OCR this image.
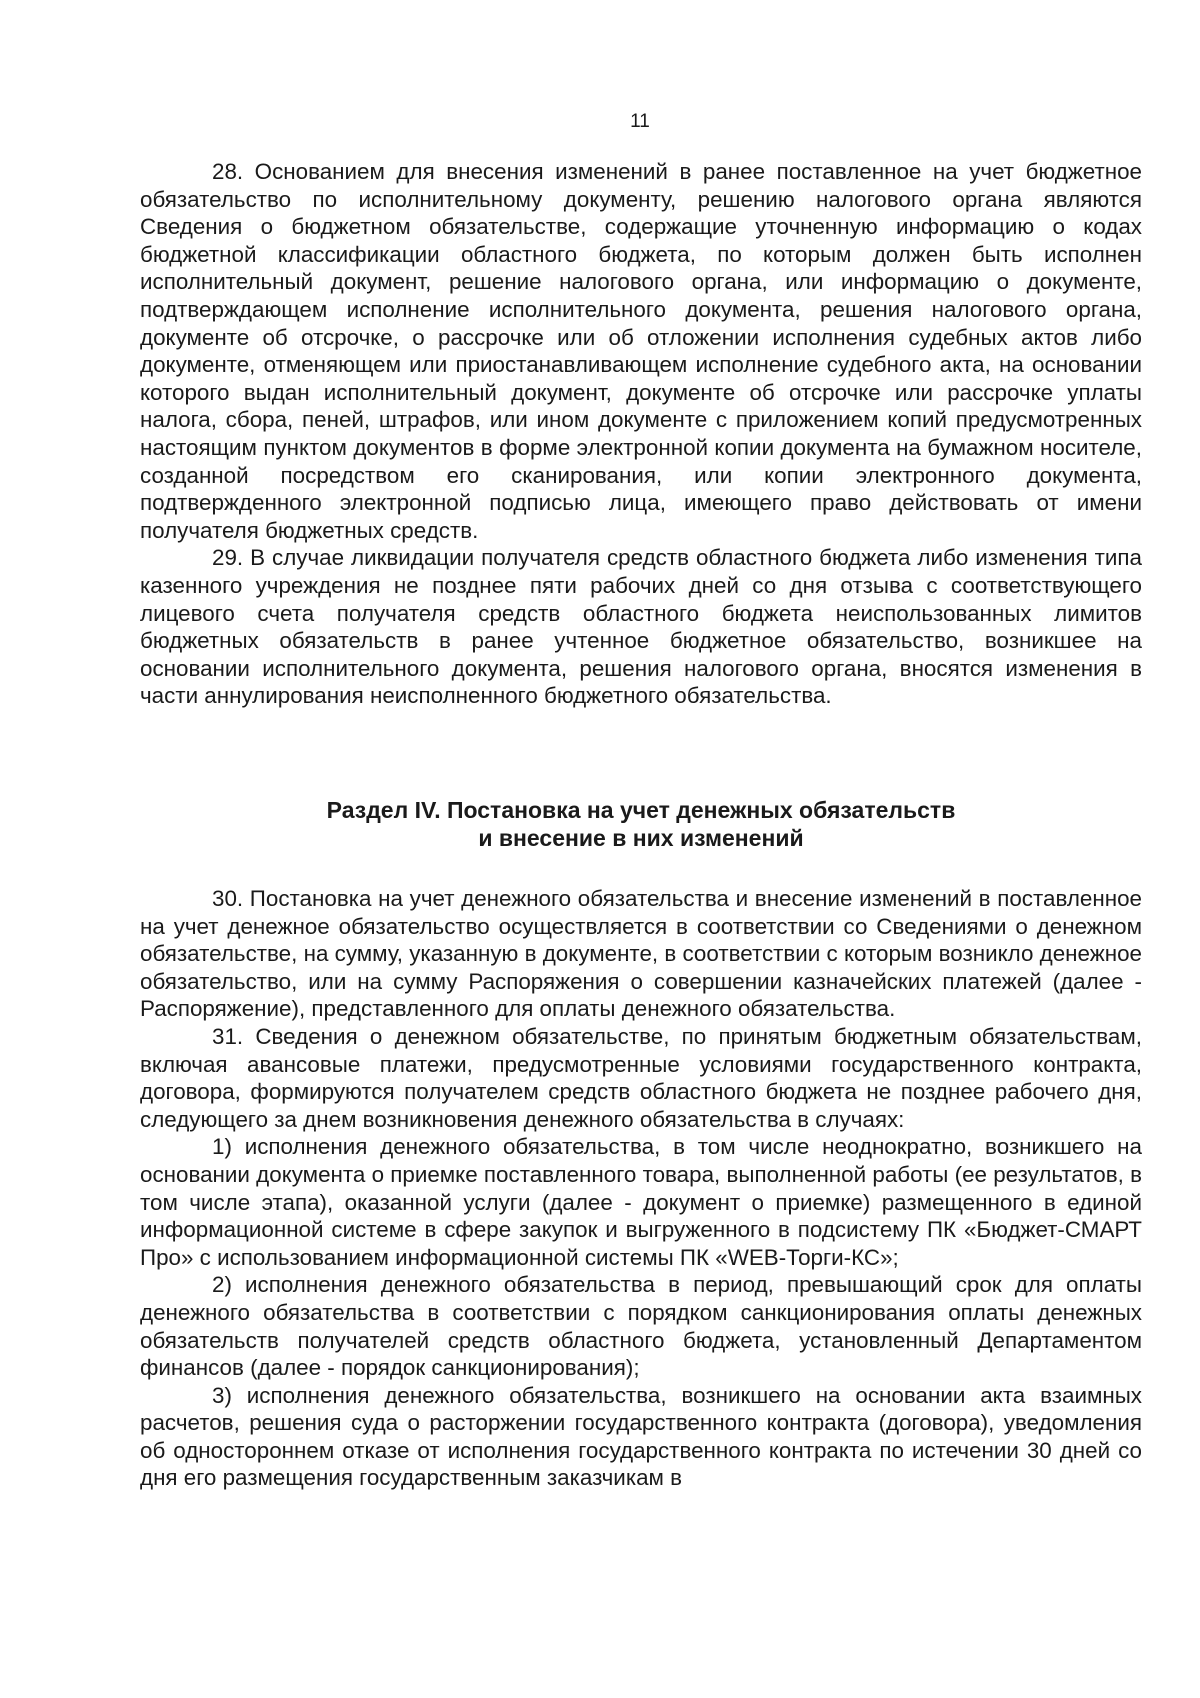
11

28. Основанием для внесения изменений в ранее поставленное на учет бюджетное обязательство по исполнительному документу, решению налогового органа являются Сведения о бюджетном обязательстве, содержащие уточненную информацию о кодах бюджетной классификации областного бюджета, по которым должен быть исполнен исполнительный документ, решение налогового органа, или информацию о документе, подтверждающем исполнение исполнительного документа, решения налогового органа, документе об отсрочке, о рассрочке или об отложении исполнения судебных актов либо документе, отменяющем или приостанавливающем исполнение судебного акта, на основании которого выдан исполнительный документ, документе об отсрочке или рассрочке уплаты налога, сбора, пеней, штрафов, или ином документе с приложением копий предусмотренных настоящим пунктом документов в форме электронной копии документа на бумажном носителе, созданной посредством его сканирования, или копии электронного документа, подтвержденного электронной подписью лица, имеющего право действовать от имени получателя бюджетных средств.

29. В случае ликвидации получателя средств областного бюджета либо изменения типа казенного учреждения не позднее пяти рабочих дней со дня отзыва с соответствующего лицевого счета получателя средств областного бюджета неиспользованных лимитов бюджетных обязательств в ранее учтенное бюджетное обязательство, возникшее на основании исполнительного документа, решения налогового органа, вносятся изменения в части аннулирования неисполненного бюджетного обязательства.

Раздел IV. Постановка на учет денежных обязательств
и внесение в них изменений

30. Постановка на учет денежного обязательства и внесение изменений в поставленное на учет денежное обязательство осуществляется в соответствии со Сведениями о денежном обязательстве, на сумму, указанную в документе, в соответствии с которым возникло денежное обязательство, или на сумму Распоряжения о совершении казначейских платежей (далее - Распоряжение), представленного для оплаты денежного обязательства.

31. Сведения о денежном обязательстве, по принятым бюджетным обязательствам, включая авансовые платежи, предусмотренные условиями государственного контракта, договора, формируются получателем средств областного бюджета не позднее рабочего дня, следующего за днем возникновения денежного обязательства в случаях:

1) исполнения денежного обязательства, в том числе неоднократно, возникшего на основании документа о приемке поставленного товара, выполненной работы (ее результатов, в том числе этапа), оказанной услуги (далее - документ о приемке) размещенного в единой информационной системе в сфере закупок и выгруженного в подсистему ПК «Бюджет-СМАРТ Про» с использованием информационной системы ПК «WEB-Торги-КС»;

2) исполнения денежного обязательства в период, превышающий срок для оплаты денежного обязательства в соответствии с порядком санкционирования оплаты денежных обязательств получателей средств областного бюджета, установленный Департаментом финансов (далее - порядок санкционирования);

3) исполнения денежного обязательства, возникшего на основании акта взаимных расчетов, решения суда о расторжении государственного контракта (договора), уведомления об одностороннем отказе от исполнения государственного контракта по истечении 30 дней со дня его размещения государственным заказчикам в
